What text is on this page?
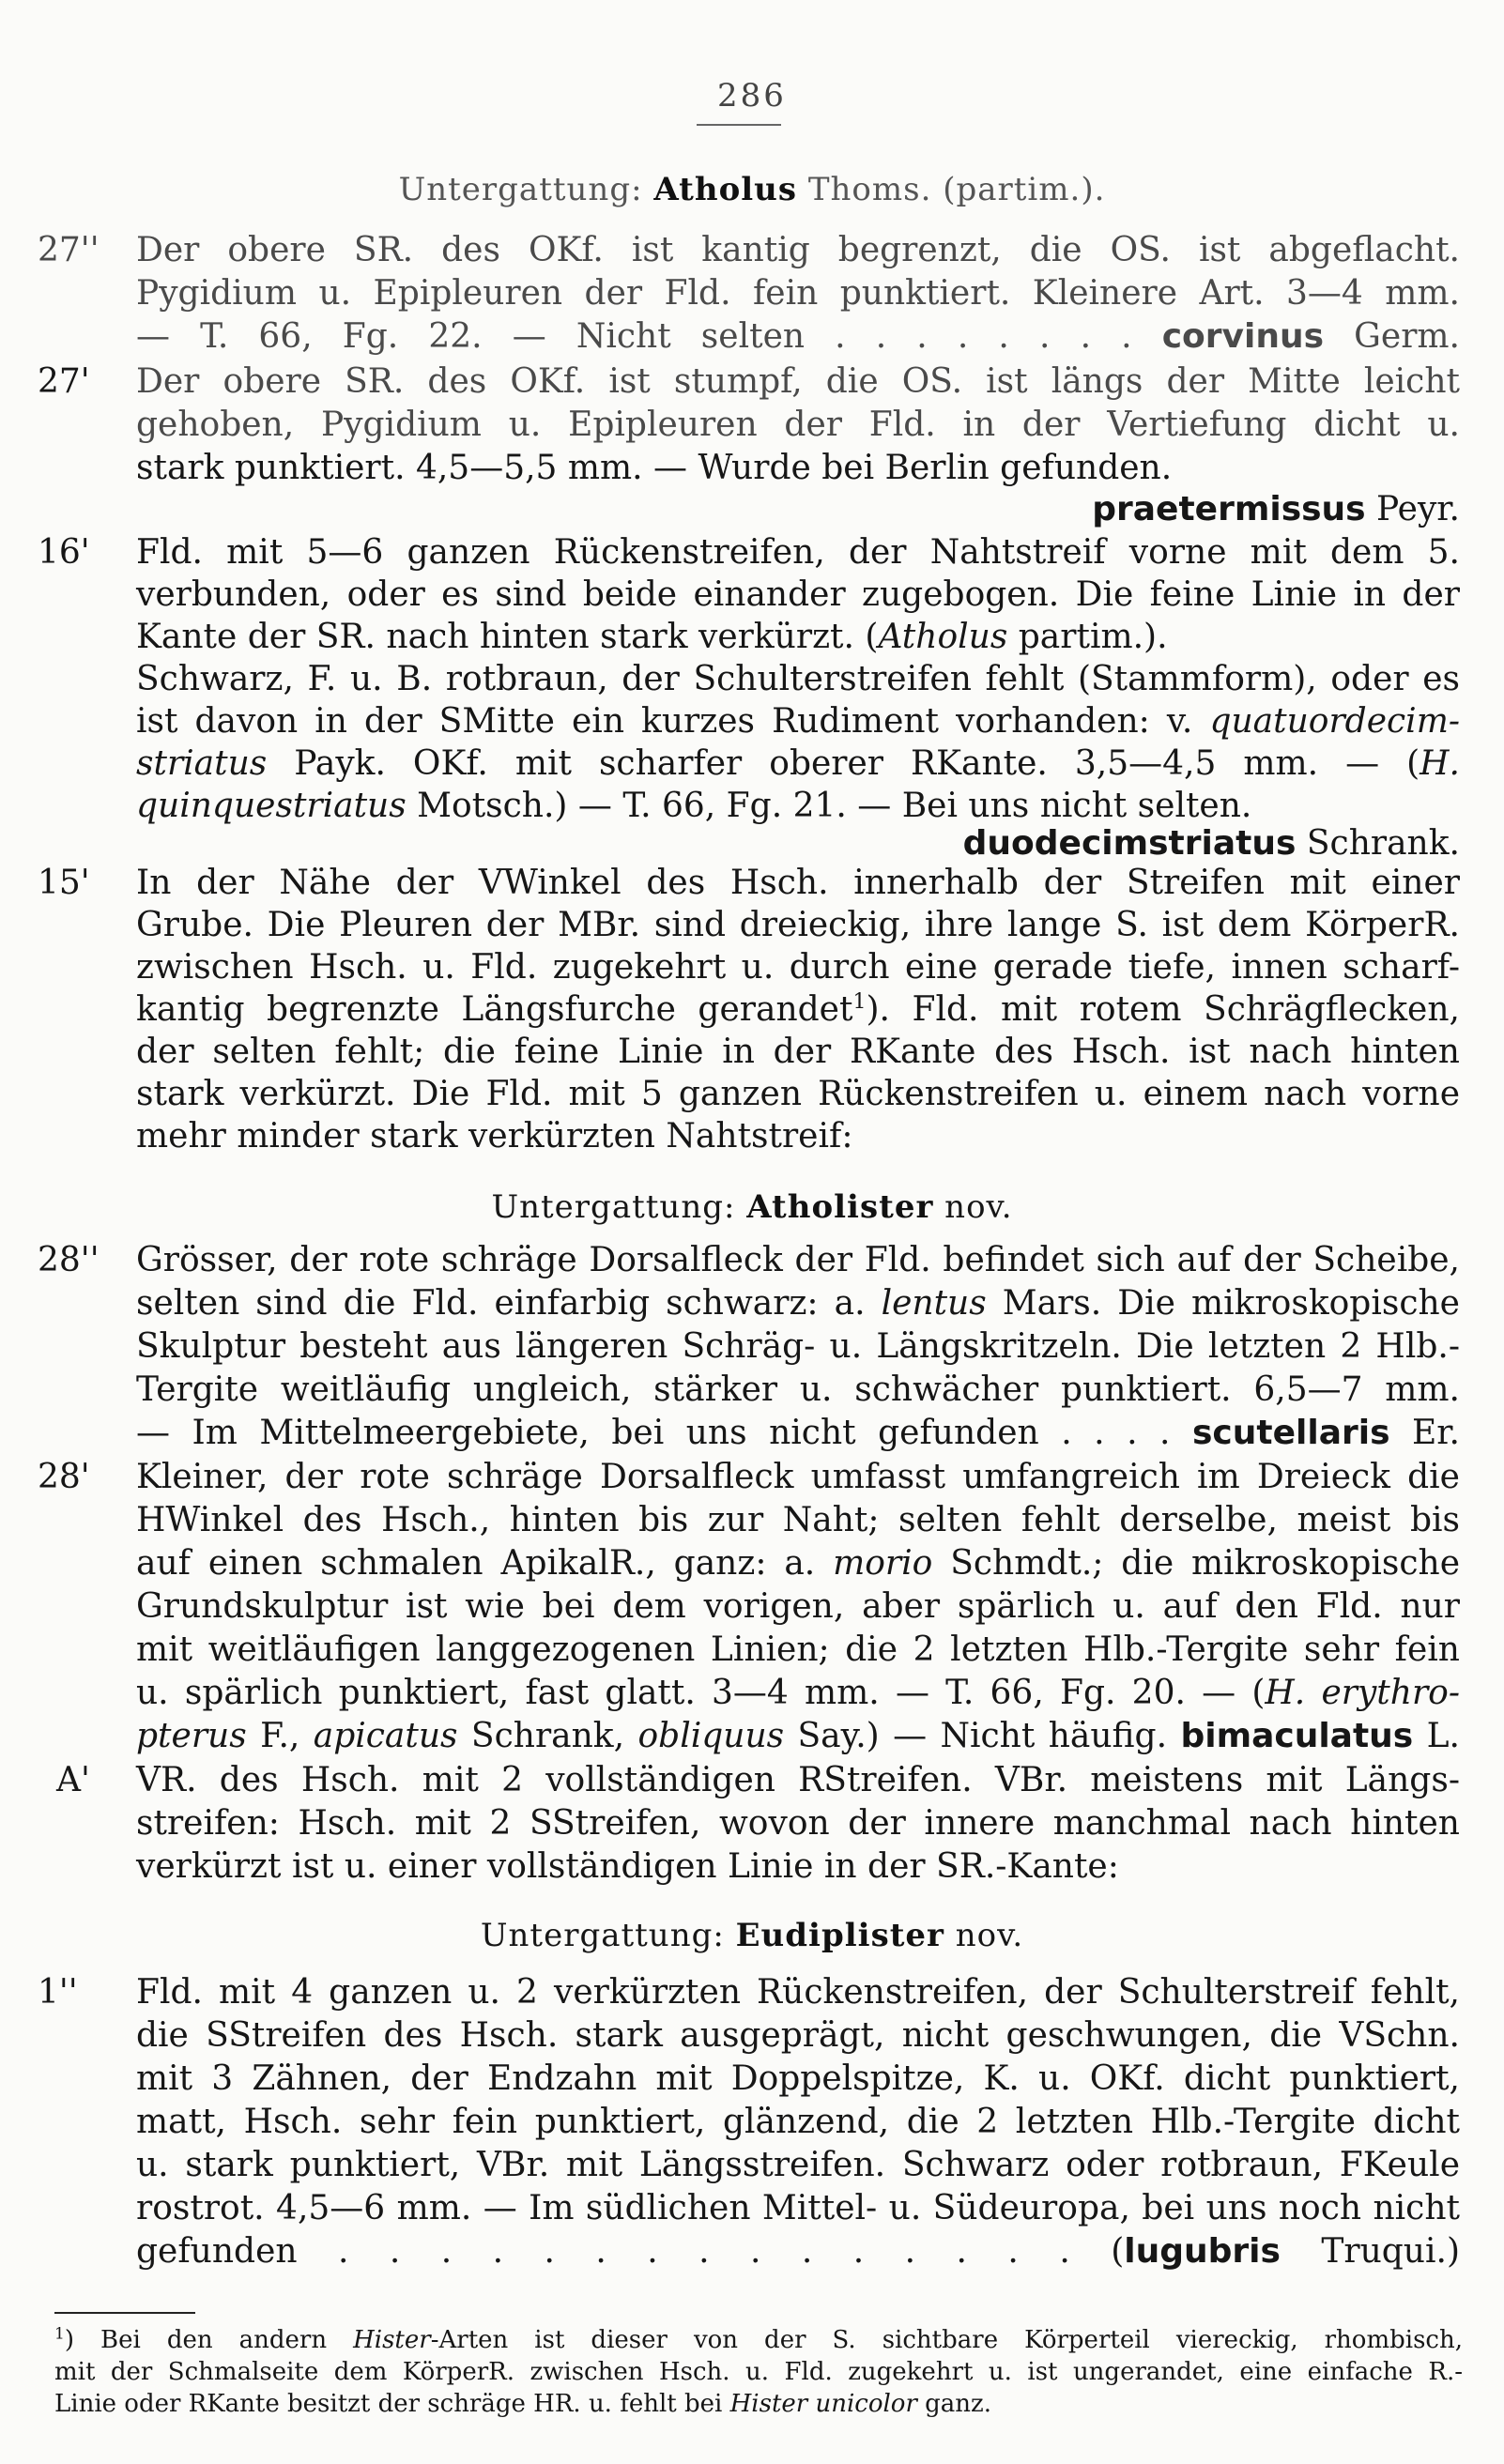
286
Untergattung: Atholus Thoms. (partim.).
27'' Der obere SR. des OKf. ist kantig begrenzt, die OS. ist abgeflacht.
Pygidium u. Epipleuren der Fld. fein punktiert. Kleinere Art. 3—4 mm.
— T. 66, Fg. 22. — Nicht selten . . . . . . . . corvinus Germ.
27' Der obere SR. des OKf. ist stumpf, die OS. ist längs der Mitte leicht
gehoben, Pygidium u. Epipleuren der Fld. in der Vertiefung dicht u.
stark punktiert. 4,5—5,5 mm. — Wurde bei Berlin gefunden.
praetermissus Peyr.
16' Fld. mit 5—6 ganzen Rückenstreifen, der Nahtstreif vorne mit dem 5.
verbunden, oder es sind beide einander zugebogen. Die feine Linie in der
Kante der SR. nach hinten stark verkürzt. (Atholus partim.).
Schwarz, F. u. B. rotbraun, der Schulterstreifen fehlt (Stammform), oder es
ist davon in der SMitte ein kurzes Rudiment vorhanden: v. quatuordecim-
striatus Payk. OKf. mit scharfer oberer RKante. 3,5—4,5 mm. — (H.
quinquestriatus Motsch.) — T. 66, Fg. 21. — Bei uns nicht selten.
duodecimstriatus Schrank.
15' In der Nähe der VWinkel des Hsch. innerhalb der Streifen mit einer
Grube. Die Pleuren der MBr. sind dreieckig, ihre lange S. ist dem KörperR.
zwischen Hsch. u. Fld. zugekehrt u. durch eine gerade tiefe, innen scharf-
kantig begrenzte Längsfurche gerandet$^1$). Fld. mit rotem Schrägflecken,
der selten fehlt; die feine Linie in der RKante des Hsch. ist nach hinten
stark verkürzt. Die Fld. mit 5 ganzen Rückenstreifen u. einem nach vorne
mehr minder stark verkürzten Nahtstreif:
Untergattung: Atholister nov.
28'' Grösser, der rote schräge Dorsalfleck der Fld. befindet sich auf der Scheibe,
selten sind die Fld. einfarbig schwarz: a. lentus Mars. Die mikroskopische
Skulptur besteht aus längeren Schräg- u. Längskritzeln. Die letzten 2 Hlb.-
Tergite weitläufig ungleich, stärker u. schwächer punktiert. 6,5—7 mm.
— Im Mittelmeergebiete, bei uns nicht gefunden . . . . scutellaris Er.
28' Kleiner, der rote schräge Dorsalfleck umfasst umfangreich im Dreieck die
HWinkel des Hsch., hinten bis zur Naht; selten fehlt derselbe, meist bis
auf einen schmalen ApikalR., ganz: a. morio Schmdt.; die mikroskopische
Grundskulptur ist wie bei dem vorigen, aber spärlich u. auf den Fld. nur
mit weitläufigen langgezogenen Linien; die 2 letzten Hlb.-Tergite sehr fein
u. spärlich punktiert, fast glatt. 3—4 mm. — T. 66, Fg. 20. — (H. erythro-
pterus F., apicatus Schrank, obliquus Say.) — Nicht häufig. bimaculatus L.
A' VR. des Hsch. mit 2 vollständigen RStreifen. VBr. meistens mit Längs-
streifen: Hsch. mit 2 SStreifen, wovon der innere manchmal nach hinten
verkürzt ist u. einer vollständigen Linie in der SR.-Kante:
Untergattung: Eudiplister nov.
1'' Fld. mit 4 ganzen u. 2 verkürzten Rückenstreifen, der Schulterstreif fehlt,
die SStreifen des Hsch. stark ausgeprägt, nicht geschwungen, die VSchn.
mit 3 Zähnen, der Endzahn mit Doppelspitze, K. u. OKf. dicht punktiert,
matt, Hsch. sehr fein punktiert, glänzend, die 2 letzten Hlb.-Tergite dicht
u. stark punktiert, VBr. mit Längsstreifen. Schwarz oder rotbraun, FKeule
rostrot. 4,5—6 mm. — Im südlichen Mittel- u. Südeuropa, bei uns noch nicht
gefunden . . . . . . . . . . . . . . . (lugubris Truqui.)
$^1$) Bei den andern Hister-Arten ist dieser von der S. sichtbare Körperteil viereckig, rhombisch,
mit der Schmalseite dem KörperR. zwischen Hsch. u. Fld. zugekehrt u. ist ungerandet, eine einfache R.-
Linie oder RKante besitzt der schräge HR. u. fehlt bei Hister unicolor ganz.
